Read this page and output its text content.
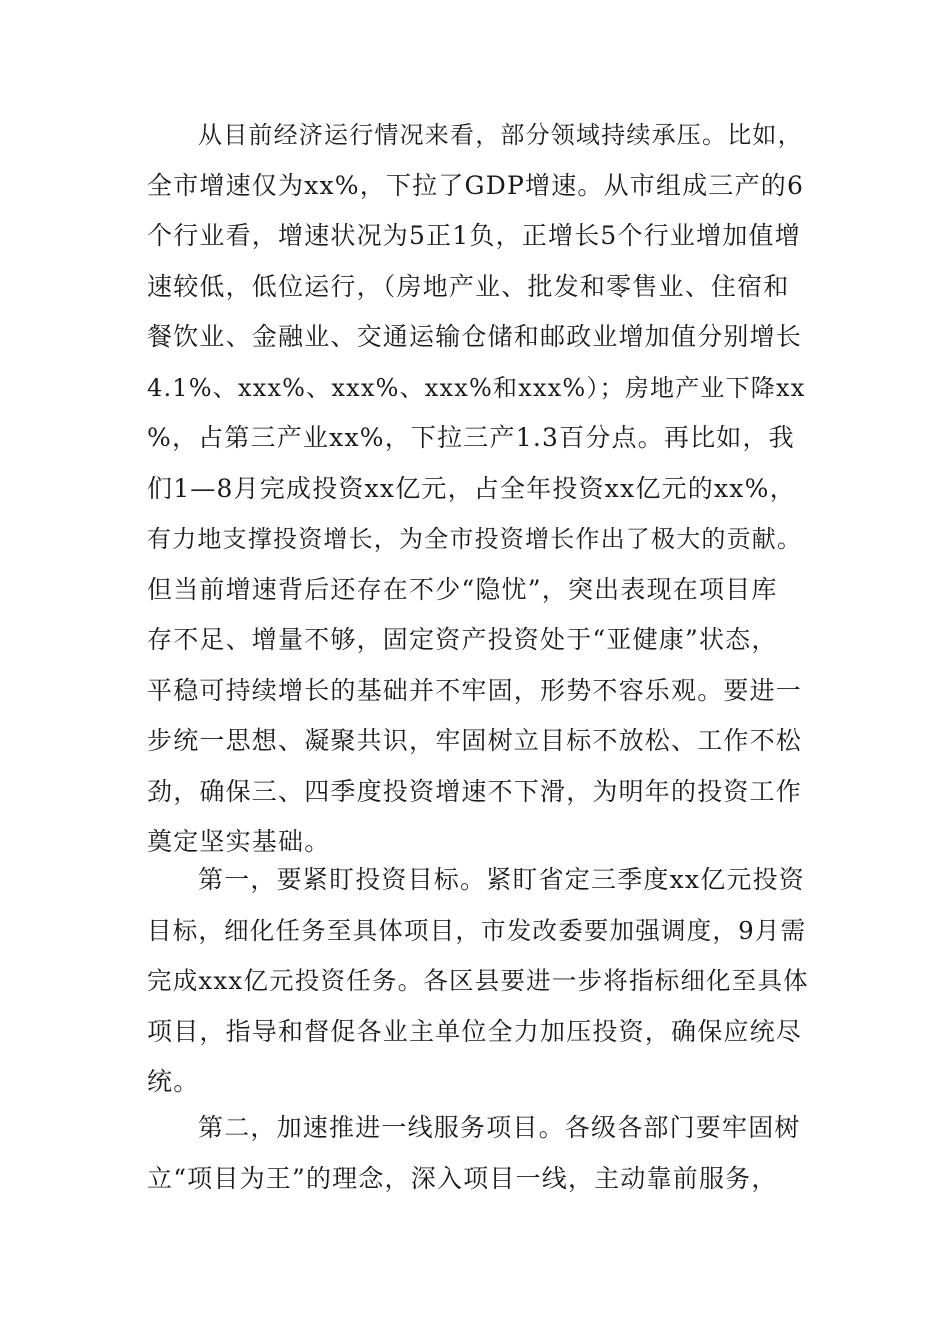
从目前经济运行情况来看，部分领域持续承压。比如，
全市增速仅为xx%，下拉了GDP增速。从市组成三产的6
个行业看，增速状况为5正1负，正增长5个行业增加值增
速较低，低位运行，（房地产业、批发和零售业、住宿和
餐饮业、金融业、交通运输仓储和邮政业增加值分别增长
4.1%、xxx%、xxx%、xxx%和xxx%）；房地产业下降xx
%，占第三产业xx%，下拉三产1.3百分点。再比如，我
们1—8月完成投资xx亿元，占全年投资xx亿元的xx%，
有力地支撑投资增长，为全市投资增长作出了极大的贡献。
但当前增速背后还存在不少“隐忧”，突出表现在项目库
存不足、增量不够，固定资产投资处于“亚健康”状态，
平稳可持续增长的基础并不牢固，形势不容乐观。要进一
步统一思想、凝聚共识，牢固树立目标不放松、工作不松
劲，确保三、四季度投资增速不下滑，为明年的投资工作
奠定坚实基础。
第一，要紧盯投资目标。紧盯省定三季度xx亿元投资
目标，细化任务至具体项目，市发改委要加强调度，9月需
完成xxx亿元投资任务。各区县要进一步将指标细化至具体
项目，指导和督促各业主单位全力加压投资，确保应统尽
统。
第二，加速推进一线服务项目。各级各部门要牢固树
立“项目为王”的理念，深入项目一线，主动靠前服务，
